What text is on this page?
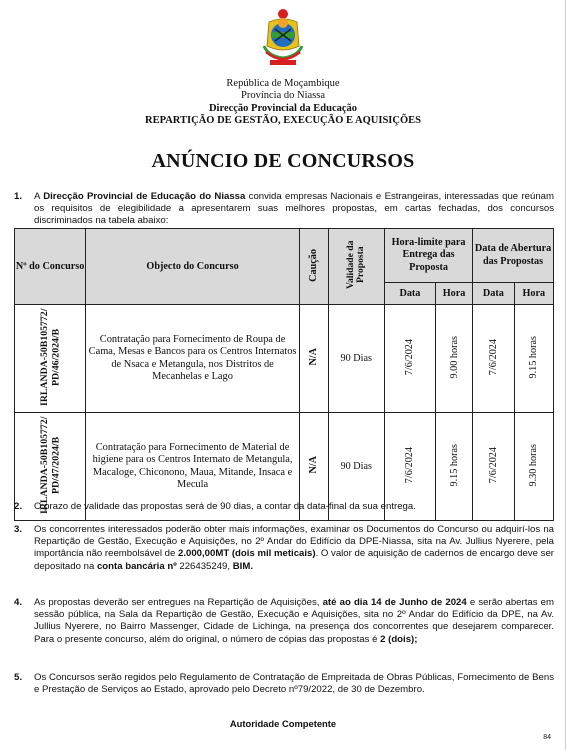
República de Moçambique
Província do Niassa
Direcção Provincial da Educação
REPARTIÇÃO DE GESTÃO, EXECUÇÃO E AQUISIÇÕES
ANÚNCIO DE CONCURSOS
1. A Direcção Provincial de Educação do Niassa convida empresas Nacionais e Estrangeiras, interessadas que reúnam os requisitos de elegibilidade a apresentarem suas melhores propostas, em cartas fechadas, dos concursos discriminados na tabela abaixo:
Nº do Concurso	Objecto do Concurso	Caução	Validade da Proposta	Hora-limite para Entrega das Proposta		Data de Abertura das Propostas	
				Data	Hora	Data	Hora
IRLANDA-50B105772/PD/46/2024/B	Contratação para Fornecimento de Roupa de Cama, Mesas e Bancos para os Centros Internatos de Nsaca e Metangula, nos Distritos de Mecanhelas e Lago	N/A	90 Dias	7/6/2024	9.00 horas	7/6/2024	9.15 horas
IRLANDA-50B105772/PD/47/2024/B	Contratação para Fornecimento de Material de higiene para os Centros Internato de Metangula, Macaloge, Chiconono, Maua, Mitande, Insaca e Mecula	N/A	90 Dias	7/6/2024	9.15 horas	7/6/2024	9.30 horas
2. O prazo de validade das propostas será de 90 dias, a contar da data-final da sua entrega.
3. Os concorrentes interessados poderão obter mais informações, examinar os Documentos do Concurso ou adquirí-los na Repartição de Gestão, Execução e Aquisições, no 2º Andar do Edifício da DPE-Niassa, sita na Av. Jullius Nyerere, pela importância não reembolsável de 2.000,00MT (dois mil meticais). O valor de aquisição de cadernos de encargo deve ser depositado na conta bancária nº 226435249, BIM.
4. As propostas deverão ser entregues na Repartição de Aquisições, até ao dia 14 de Junho de 2024 e serão abertas em sessão pública, na Sala da Repartição de Gestão, Execução e Aquisições, sita no 2º Andar do Edifício da DPE, na Av. Jullius Nyerere, no Bairro Massenger, Cidade de Lichinga, na presença dos concorrentes que desejarem comparecer. Para o presente concurso, além do original, o número de cópias das propostas é 2 (dois);
5. Os Concursos serão regidos pelo Regulamento de Contratação de Empreitada de Obras Públicas, Fornecimento de Bens e Prestação de Serviços ao Estado, aprovado pelo Decreto nº79/2022, de 30 de Dezembro.
Autoridade Competente
84
